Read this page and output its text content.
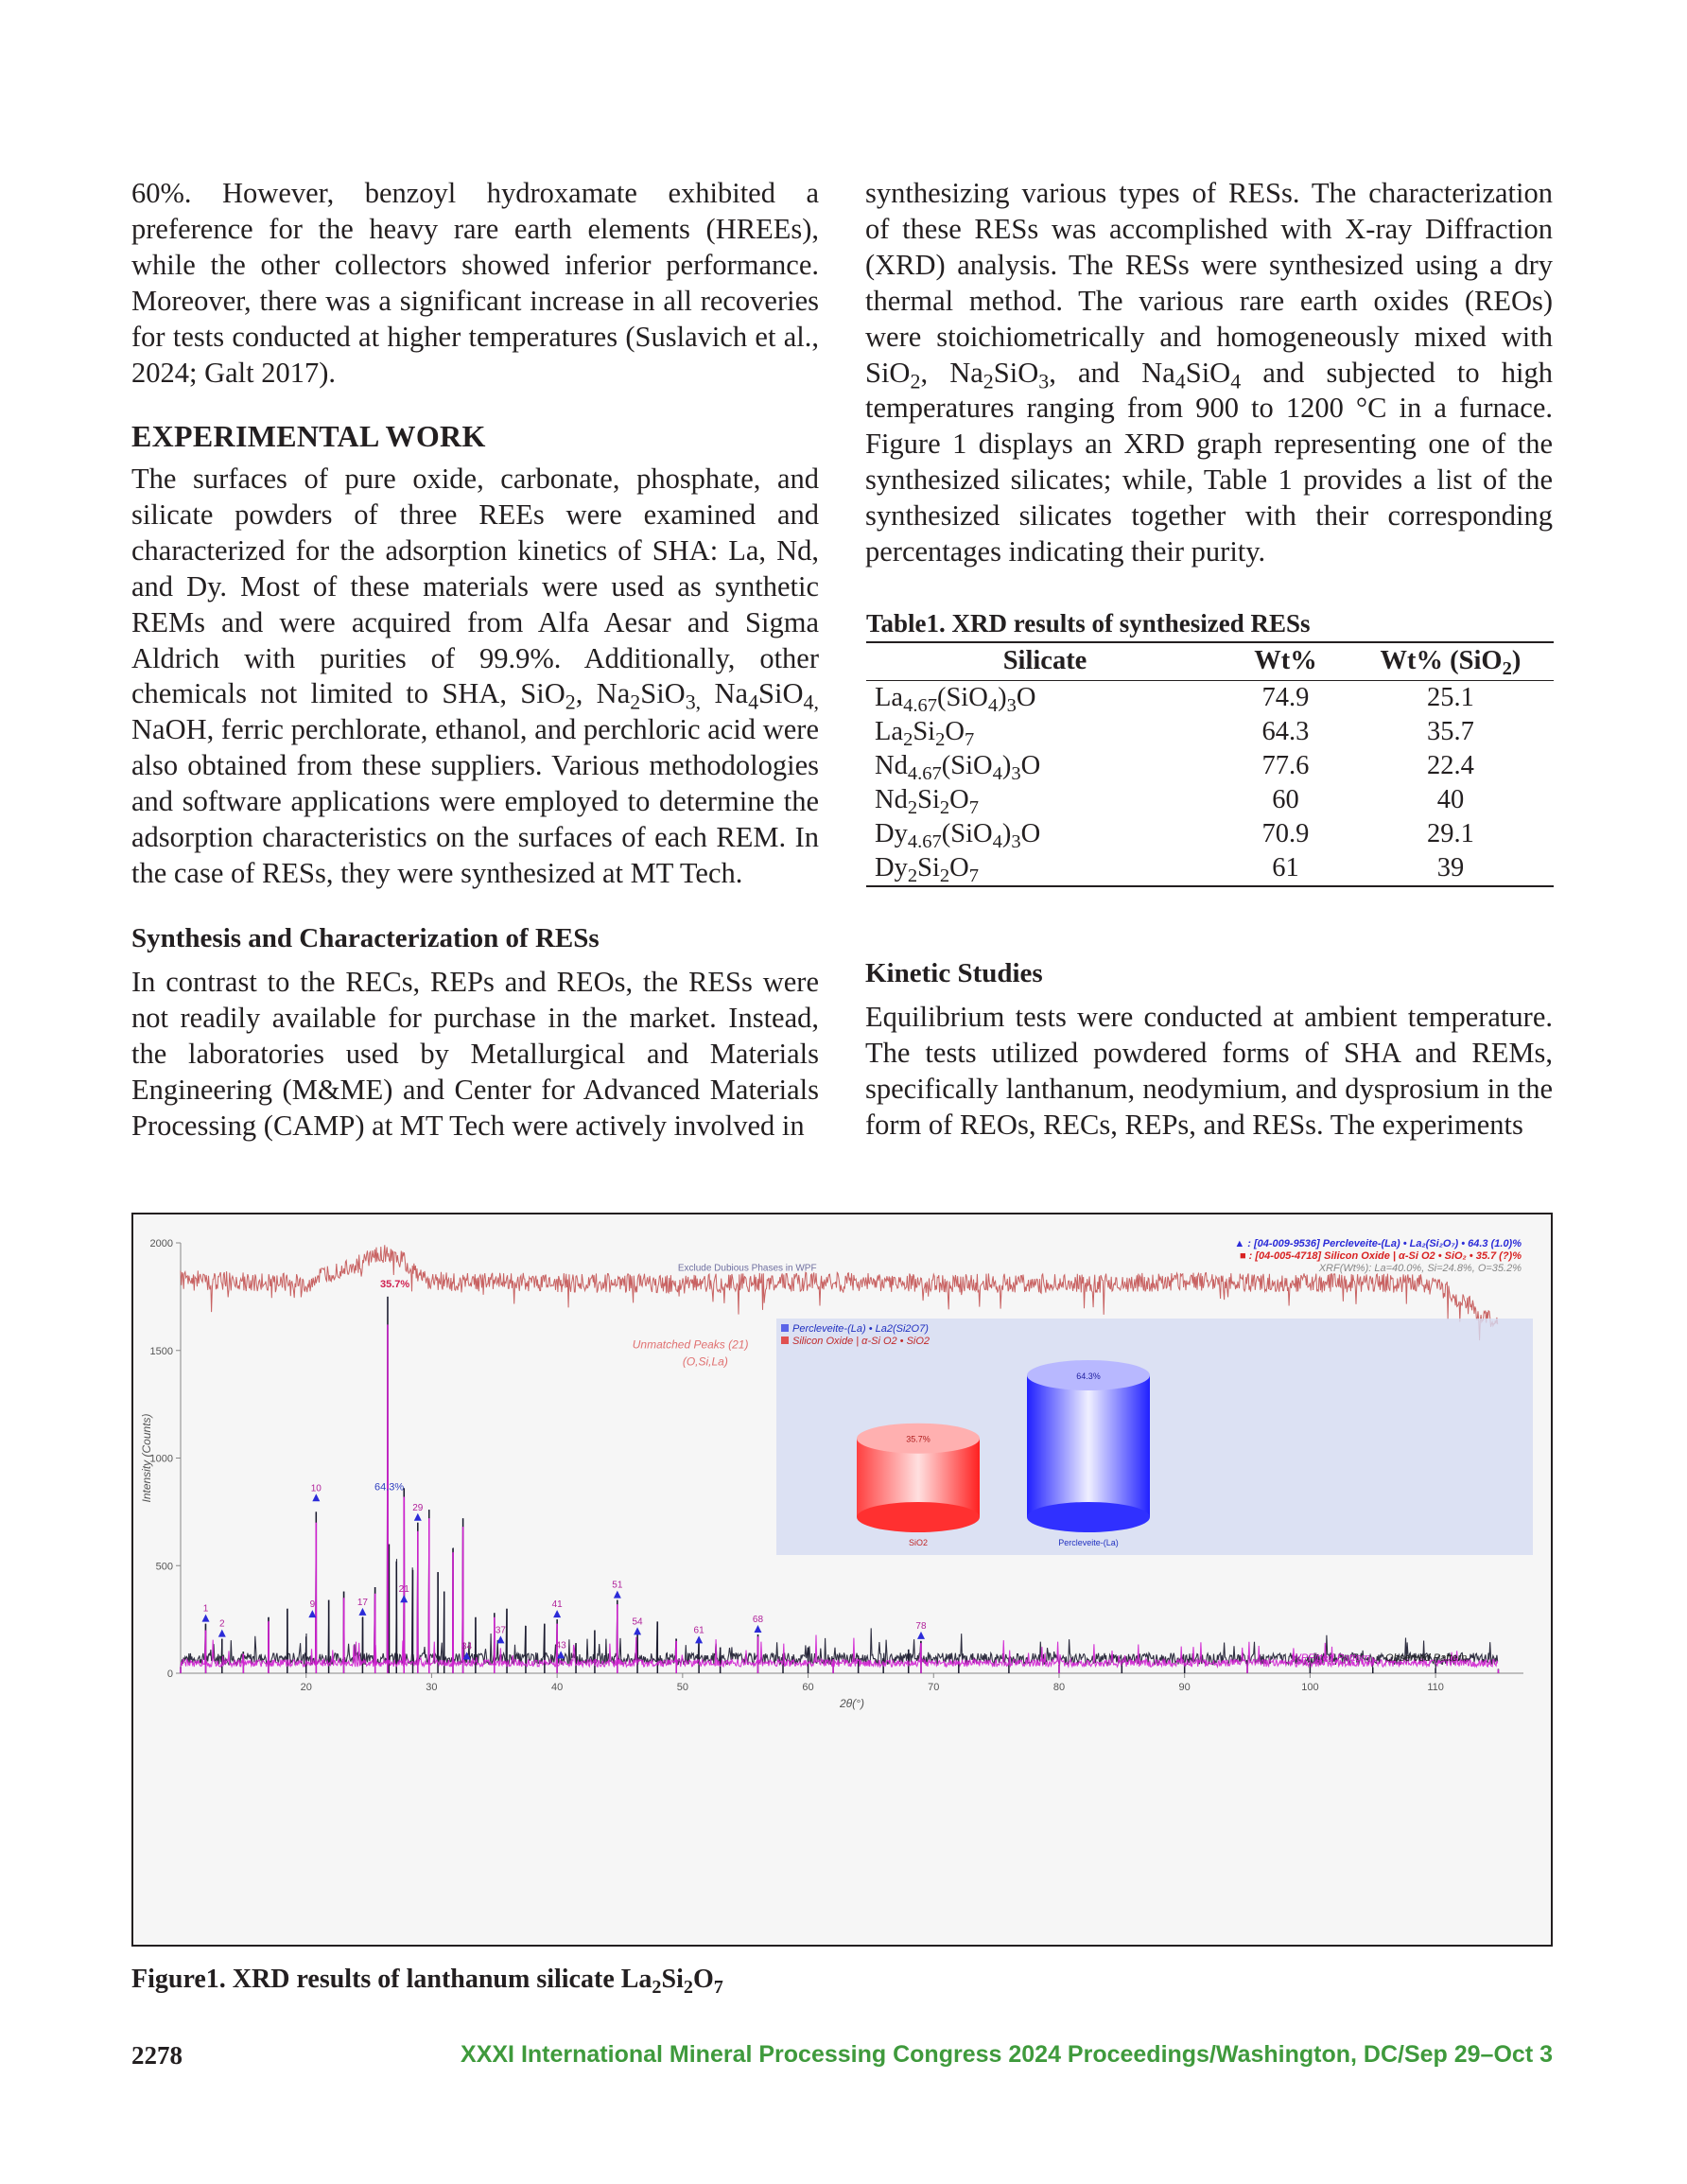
60%. However, benzoyl hydroxamate exhibited a preference for the heavy rare earth elements (HREEs), while the other collectors showed inferior performance. Moreover, there was a significant increase in all recoveries for tests conducted at higher temperatures (Suslavich et al., 2024; Galt 2017).

EXPERIMENTAL WORK

The surfaces of pure oxide, carbonate, phosphate, and silicate powders of three REEs were examined and characterized for the adsorption kinetics of SHA: La, Nd, and Dy. Most of these materials were used as synthetic REMs and were acquired from Alfa Aesar and Sigma Aldrich with purities of 99.9%. Additionally, other chemicals not limited to SHA, SiO$_2$, $Na_2SiO_{3,}$ $Na_4SiO_{4,}$ NaOH, ferric perchlorate, ethanol, and perchloric acid were also obtained from these suppliers. Various methodologies and software applications were employed to determine the adsorption characteristics on the surfaces of each REM. In the case of RESs, they were synthesized at MT Tech.

Synthesis and Characterization of RESs

In contrast to the RECs, REPs and REOs, the RESs were not readily available for purchase in the market. Instead, the laboratories used by Metallurgical and Materials Engineering (M&ME) and Center for Advanced Materials Processing (CAMP) at MT Tech were actively involved in

synthesizing various types of RESs. The characterization of these RESs was accomplished with X-ray Diffraction (XRD) analysis. The RESs were synthesized using a dry thermal method. The various rare earth oxides (REOs) were stoichiometrically and homogeneously mixed with SiO$_2$, $Na_2SiO_3$, and $Na_4SiO_4$ and subjected to high temperatures ranging from 900 to 1200 °C in a furnace. Figure 1 displays an XRD graph representing one of the synthesized silicates; while, Table 1 provides a list of the synthesized silicates together with their corresponding percentages indicating their purity.

Table1. XRD results of synthesized RESs
Silicate	Wt%	Wt% (SiO$_2$)
$La_{4.67}(SiO_4)_3O$	74.9	25.1
$La_2Si_2O_7$	64.3	35.7
$Nd_{4.67}(SiO_4)_3O$	77.6	22.4
$Nd_2Si_2O_7$	60	40
$Dy_{4.67}(SiO_4)_3O$	70.9	29.1
$Dy_2Si_2O_7$	61	39
Kinetic Studies

Equilibrium tests were conducted at ambient temperature. The tests utilized powdered forms of SHA and REMs, specifically lanthanum, neodymium, and dysprosium in the form of REOs, RECs, REPs, and RESs. The experiments

0
500
1000
1500
2000
20	30	40	50	60	70	80	90	100	110
2θ(°)
Intensity (Counts)
1
2
9
10
17
21
29
34
37
41
43
51
54
61
68
78
35.7%
64.3%
Exclude Dubious Phases in WPF
Unmatched Peaks (21)
(O,Si,La)
WPFitted Pattern Observed Pattern
▲ : [04-009-9536] Percleveite-(La) • La₂(Si₂O₇) • 64.3 (1.0)%
■ : [04-005-4718] Silicon Oxide | α-Si O2 • SiO₂ • 35.7 (?)%
XRF(Wt%): La=40.0%, Si=24.8%, O=35.2%
Percleveite-(La) • La2(Si2O7)
Silicon Oxide | α-Si O2 • SiO2
35.7%
SiO2
64.3%
Percleveite-(La)
Figure1. XRD results of lanthanum silicate $La_2Si_2O_7$
2278	XXXI International Mineral Processing Congress 2024 Proceedings/Washington, DC/Sep 29–Oct 3
